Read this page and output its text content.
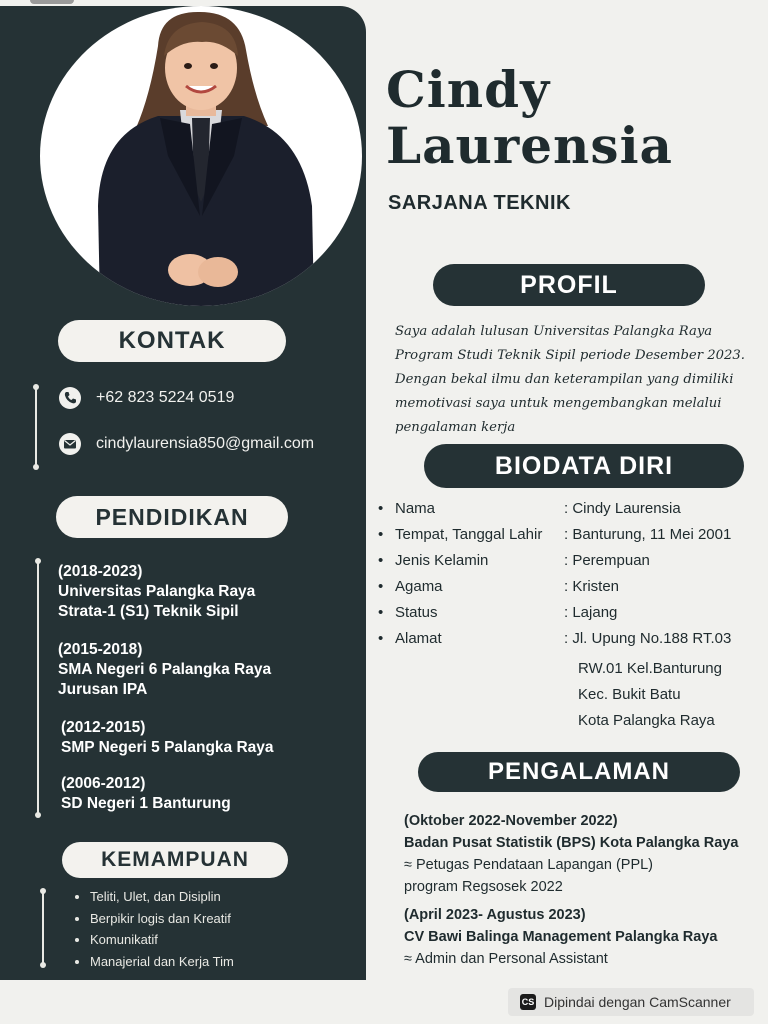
Cindy
Laurensia
SARJANA TEKNIK
PROFIL
Saya adalah lulusan Universitas Palangka Raya
Program Studi Teknik Sipil periode Desember 2023.
Dengan bekal ilmu dan keterampilan yang dimiliki
memotivasi saya untuk mengembangkan melalui
pengalaman kerja
BIODATA DIRI
• Nama	: Cindy Laurensia
• Tempat, Tanggal Lahir : Banturung, 11 Mei 2001
• Jenis Kelamin	: Perempuan
• Agama	: Kristen
• Status	: Lajang
• Alamat	: Jl. Upung No.188 RT.03
RW.01 Kel.Banturung
Kec. Bukit Batu
Kota Palangka Raya
PENGALAMAN
(Oktober 2022-November 2022)
Badan Pusat Statistik (BPS) Kota Palangka Raya
≈ Petugas Pendataan Lapangan (PPL)
program Regsosek 2022
(April 2023- Agustus 2023)
CV Bawi Balinga Management Palangka Raya
≈ Admin dan Personal Assistant
KONTAK
+62 823 5224 0519
cindylaurensia850@gmail.com
PENDIDIKAN
(2018-2023)
Universitas Palangka Raya
Strata-1 (S1) Teknik Sipil
(2015-2018)
SMA Negeri 6 Palangka Raya
Jurusan IPA
(2012-2015)
SMP Negeri 5 Palangka Raya
(2006-2012)
SD Negeri 1 Banturung
KEMAMPUAN
• Teliti, Ulet, dan Disiplin
• Berpikir logis dan Kreatif
• Komunikatif
• Manajerial dan Kerja Tim
CS Dipindai dengan CamScanner
